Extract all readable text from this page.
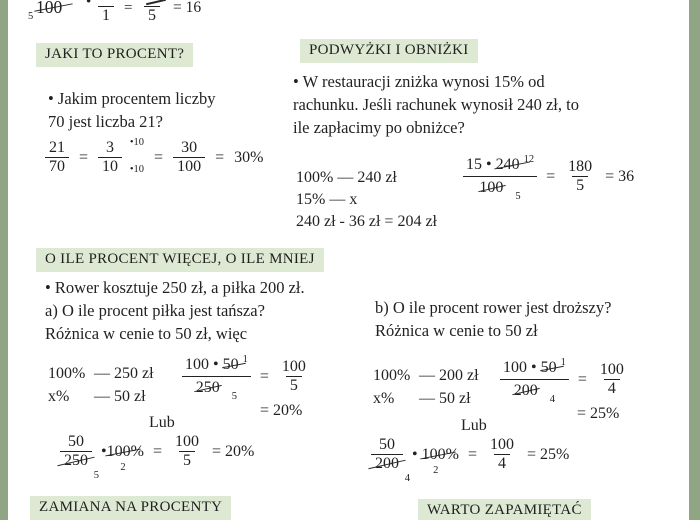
5 100 •
1 = 5 = 16
JAKI TO PROCENT?
• Jakim procentem liczby
70 jest liczba 21?
$\frac{21}{70} = \frac{3}{10}$ •10
•10
= $\frac{30}{100} = 30\%$
PODWYŻKI I OBNIŻKI
• W restauracji zniżka wynosi 15% od
rachunku. Jeśli rachunek wynosił 240 zł, to
ile zapłacimy po obniżce?
100% — 240 zł
15% — x
240 zł - 36 zł = 204 zł
15 • 240 12
100
$5 = \frac{180}{5} = 36$
O ILE PROCENT WIĘCEJ, O ILE MNIEJ
• Rower kosztuje 250 zł, a piłka 200 zł.
a) O ile procent piłka jest tańsza?
Różnica w cenie to 50 zł, więc
b) O ile procent rower jest droższy?
Różnica w cenie to 50 zł
100% — 250 zł
x%	— 50 zł	100 • 50 1
250
$5 = \frac{100}{5}$
= 20%
Lub
$\frac{50}{250}$
5
•100%
2
= $\frac{100}{5} = 20\%$
100% — 200 zł
x%	— 50 zł	100 • 50 1
200
$4 = \frac{100}{4}$
= 25%
Lub
$\frac{50}{200}$
4
• 100%
2
= $\frac{100}{4} = 25\%$
ZAMIANA NA PROCENTY	WARTO ZAPAMIĘTAĆ
